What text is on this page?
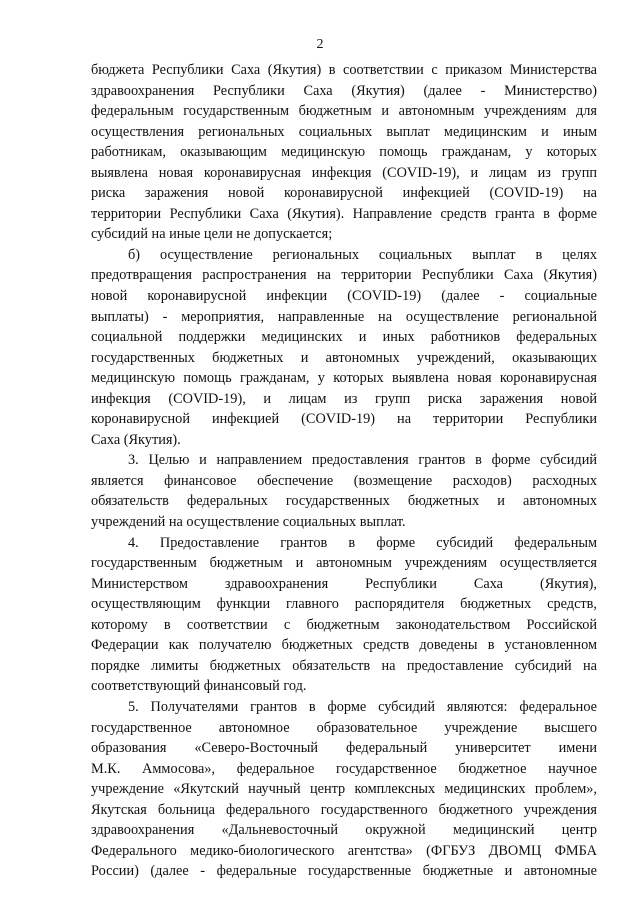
2
бюджета Республики Саха (Якутия) в соответствии с приказом Министерства
здравоохранения Республики Саха (Якутия) (далее - Министерство)
федеральным государственным бюджетным и автономным учреждениям для
осуществления региональных социальных выплат медицинским и иным
работникам, оказывающим медицинскую помощь гражданам, у которых
выявлена новая коронавирусная инфекция (COVID-19), и лицам из групп
риска заражения новой коронавирусной инфекцией (COVID-19) на
территории Республики Саха (Якутия). Направление средств гранта в форме
субсидий на иные цели не допускается;
б) осуществление региональных социальных выплат в целях
предотвращения распространения на территории Республики Саха (Якутия)
новой коронавирусной инфекции (COVID-19) (далее - социальные
выплаты) - мероприятия, направленные на осуществление региональной
социальной поддержки медицинских и иных работников федеральных
государственных бюджетных и автономных учреждений, оказывающих
медицинскую помощь гражданам, у которых выявлена новая коронавирусная
инфекция (COVID-19), и лицам из групп риска заражения новой
коронавирусной инфекцией (COVID-19) на территории Республики
Саха (Якутия).
3. Целью и направлением предоставления грантов в форме субсидий
является финансовое обеспечение (возмещение расходов) расходных
обязательств федеральных государственных бюджетных и автономных
учреждений на осуществление социальных выплат.
4. Предоставление грантов в форме субсидий федеральным
государственным бюджетным и автономным учреждениям осуществляется
Министерством здравоохранения Республики Саха (Якутия),
осуществляющим функции главного распорядителя бюджетных средств,
которому в соответствии с бюджетным законодательством Российской
Федерации как получателю бюджетных средств доведены в установленном
порядке лимиты бюджетных обязательств на предоставление субсидий на
соответствующий финансовый год.
5. Получателями грантов в форме субсидий являются: федеральное
государственное автономное образовательное учреждение высшего
образования «Северо-Восточный федеральный университет имени
М.К. Аммосова», федеральное государственное бюджетное научное
учреждение «Якутский научный центр комплексных медицинских проблем»,
Якутская больница федерального государственного бюджетного учреждения
здравоохранения «Дальневосточный окружной медицинский центр
Федерального медико-биологического агентства» (ФГБУЗ ДВОМЦ ФМБА
России) (далее - федеральные государственные бюджетные и автономные
